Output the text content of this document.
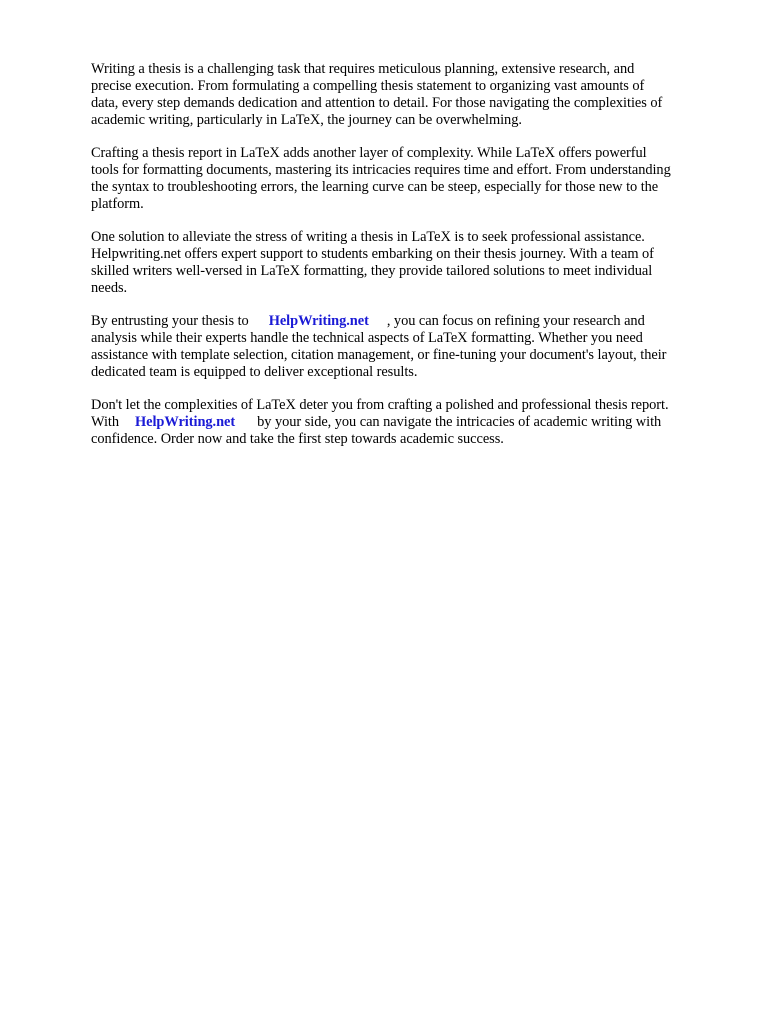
Writing a thesis is a challenging task that requires meticulous planning, extensive research, and
precise execution. From formulating a compelling thesis statement to organizing vast amounts of
data, every step demands dedication and attention to detail. For those navigating the complexities of
academic writing, particularly in LaTeX, the journey can be overwhelming.

Crafting a thesis report in LaTeX adds another layer of complexity. While LaTeX offers powerful
tools for formatting documents, mastering its intricacies requires time and effort. From understanding
the syntax to troubleshooting errors, the learning curve can be steep, especially for those new to the
platform.

One solution to alleviate the stress of writing a thesis in LaTeX is to seek professional assistance.
Helpwriting.net offers expert support to students embarking on their thesis journey. With a team of
skilled writers well-versed in LaTeX formatting, they provide tailored solutions to meet individual
needs.

By entrusting your thesis to HelpWriting.net , you can focus on refining your research and
analysis while their experts handle the technical aspects of LaTeX formatting. Whether you need
assistance with template selection, citation management, or fine-tuning your document's layout, their
dedicated team is equipped to deliver exceptional results.

Don't let the complexities of LaTeX deter you from crafting a polished and professional thesis report.
With HelpWriting.net by your side, you can navigate the intricacies of academic writing with
confidence. Order now and take the first step towards academic success.
